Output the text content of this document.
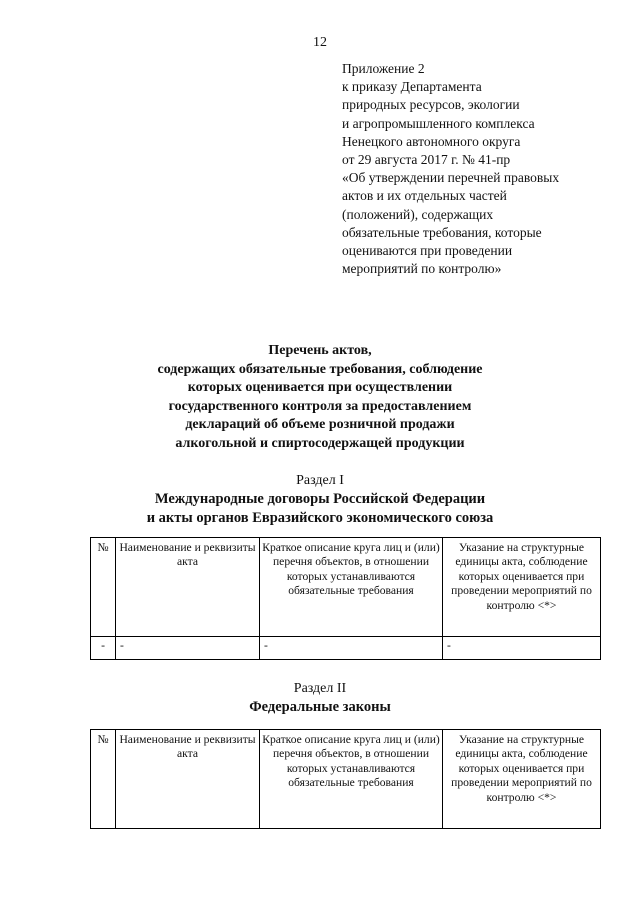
12
Приложение 2
к приказу Департамента
природных ресурсов, экологии
и агропромышленного комплекса
Ненецкого автономного округа
от 29 августа 2017 г. № 41-пр
«Об утверждении перечней правовых
актов и их отдельных частей
(положений), содержащих
обязательные требования, которые
оцениваются при проведении
мероприятий по контролю»
Перечень актов,
содержащих обязательные требования, соблюдение
которых оценивается при осуществлении
государственного контроля за предоставлением
деклараций об объеме розничной продажи
алкогольной и спиртосодержащей продукции
Раздел I
Международные договоры Российской Федерации
и акты органов Евразийского экономического союза
№	Наименование и реквизиты акта	Краткое описание круга лиц и (или) перечня объектов, в отношении которых устанавливаются обязательные требования	Указание на структурные единицы акта, соблюдение которых оценивается при проведении мероприятий по контролю <*>
-	-	-	-
Раздел II
Федеральные законы
№	Наименование и реквизиты акта	Краткое описание круга лиц и (или) перечня объектов, в отношении которых устанавливаются обязательные требования	Указание на структурные единицы акта, соблюдение которых оценивается при проведении мероприятий по контролю <*>
